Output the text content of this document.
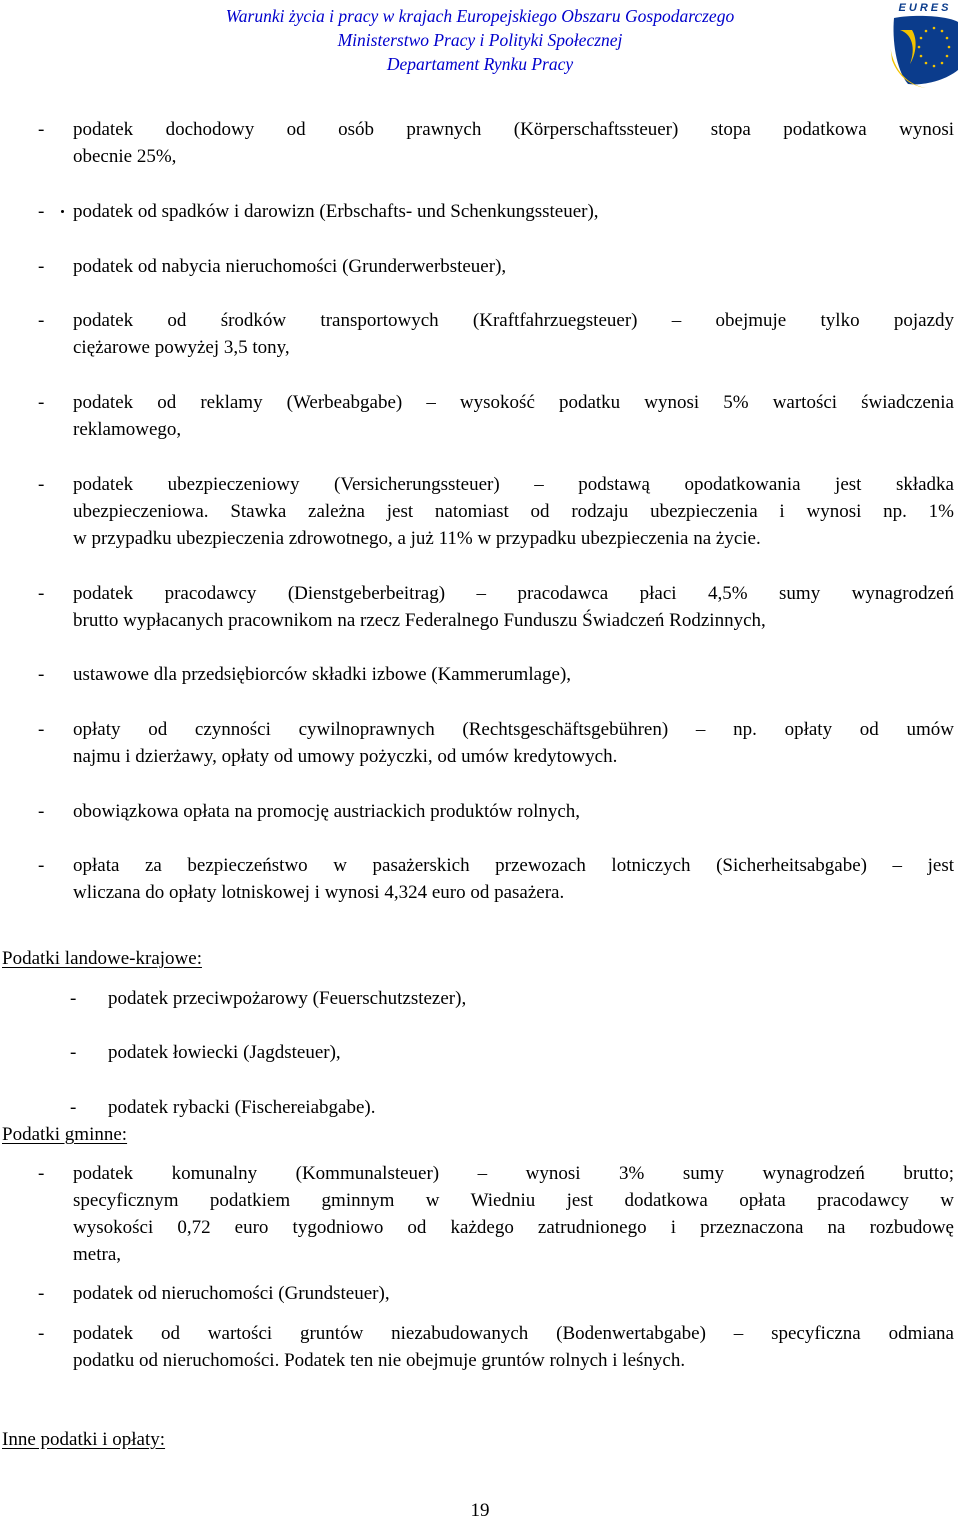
Warunki życia i pracy w krajach Europejskiego Obszaru Gospodarczego
Ministerstwo Pracy i Polityki Społecznej
Departament Rynku Pracy
EURES
- podatek dochodowy od osób prawnych (Körperschaftssteuer) stopa podatkowa wynosi
obecnie 25%,
- podatek od spadków i darowizn (Erbschafts- und Schenkungssteuer),
- podatek od nabycia nieruchomości (Grunderwerbsteuer),
- podatek od środków transportowych (Kraftfahrzuegsteuer) – obejmuje tylko pojazdy
ciężarowe powyżej 3,5 tony,
- podatek od reklamy (Werbeabgabe) – wysokość podatku wynosi 5% wartości świadczenia
reklamowego,
- podatek ubezpieczeniowy (Versicherungssteuer) – podstawą opodatkowania jest składka
ubezpieczeniowa. Stawka zależna jest natomiast od rodzaju ubezpieczenia i wynosi np. 1%
w przypadku ubezpieczenia zdrowotnego, a już 11% w przypadku ubezpieczenia na życie.
- podatek pracodawcy (Dienstgeberbeitrag) – pracodawca płaci 4,5% sumy wynagrodzeń
brutto wypłacanych pracownikom na rzecz Federalnego Funduszu Świadczeń Rodzinnych,
- ustawowe dla przedsiębiorców składki izbowe (Kammerumlage),
- opłaty od czynności cywilnoprawnych (Rechtsgeschäftsgebühren) – np. opłaty od umów
najmu i dzierżawy, opłaty od umowy pożyczki, od umów kredytowych.
- obowiązkowa opłata na promocję austriackich produktów rolnych,
- opłata za bezpieczeństwo w pasażerskich przewozach lotniczych (Sicherheitsabgabe) – jest
wliczana do opłaty lotniskowej i wynosi 4,324 euro od pasażera.
Podatki landowe-krajowe:
- podatek przeciwpożarowy (Feuerschutzstezer),
- podatek łowiecki (Jagdsteuer),
- podatek rybacki (Fischereiabgabe).
Podatki gminne:
- podatek komunalny (Kommunalsteuer) – wynosi 3% sumy wynagrodzeń brutto;
specyficznym podatkiem gminnym w Wiedniu jest dodatkowa opłata pracodawcy w
wysokości 0,72 euro tygodniowo od każdego zatrudnionego i przeznaczona na rozbudowę
metra,
- podatek od nieruchomości (Grundsteuer),
- podatek od wartości gruntów niezabudowanych (Bodenwertabgabe) – specyficzna odmiana
podatku od nieruchomości. Podatek ten nie obejmuje gruntów rolnych i leśnych.
Inne podatki i opłaty:
19
